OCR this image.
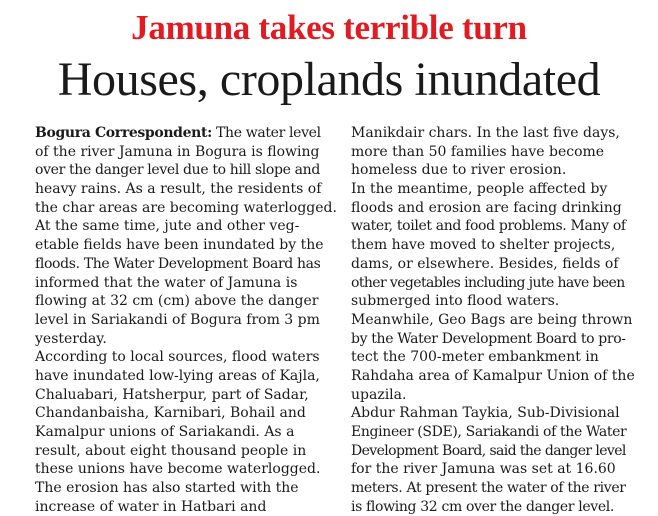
Jamuna takes terrible turn
Houses, croplands inundated
Bogura Correspondent: The water level
of the river Jamuna in Bogura is flowing
over the danger level due to hill slope and
heavy rains. As a result, the residents of
the char areas are becoming waterlogged.
At the same time, jute and other veg-
etable fields have been inundated by the
floods. The Water Development Board has
informed that the water of Jamuna is
flowing at 32 cm (cm) above the danger
level in Sariakandi of Bogura from 3 pm
yesterday.
According to local sources, flood waters
have inundated low-lying areas of Kajla,
Chaluabari, Hatsherpur, part of Sadar,
Chandanbaisha, Karnibari, Bohail and
Kamalpur unions of Sariakandi. As a
result, about eight thousand people in
these unions have become waterlogged.
The erosion has also started with the
increase of water in Hatbari and
Manikdair chars. In the last five days,
more than 50 families have become
homeless due to river erosion.
In the meantime, people affected by
floods and erosion are facing drinking
water, toilet and food problems. Many of
them have moved to shelter projects,
dams, or elsewhere. Besides, fields of
other vegetables including jute have been
submerged into flood waters.
Meanwhile, Geo Bags are being thrown
by the Water Development Board to pro-
tect the 700-meter embankment in
Rahdaha area of Kamalpur Union of the
upazila.
Abdur Rahman Taykia, Sub-Divisional
Engineer (SDE), Sariakandi of the Water
Development Board, said the danger level
for the river Jamuna was set at 16.60
meters. At present the water of the river
is flowing 32 cm over the danger level.
